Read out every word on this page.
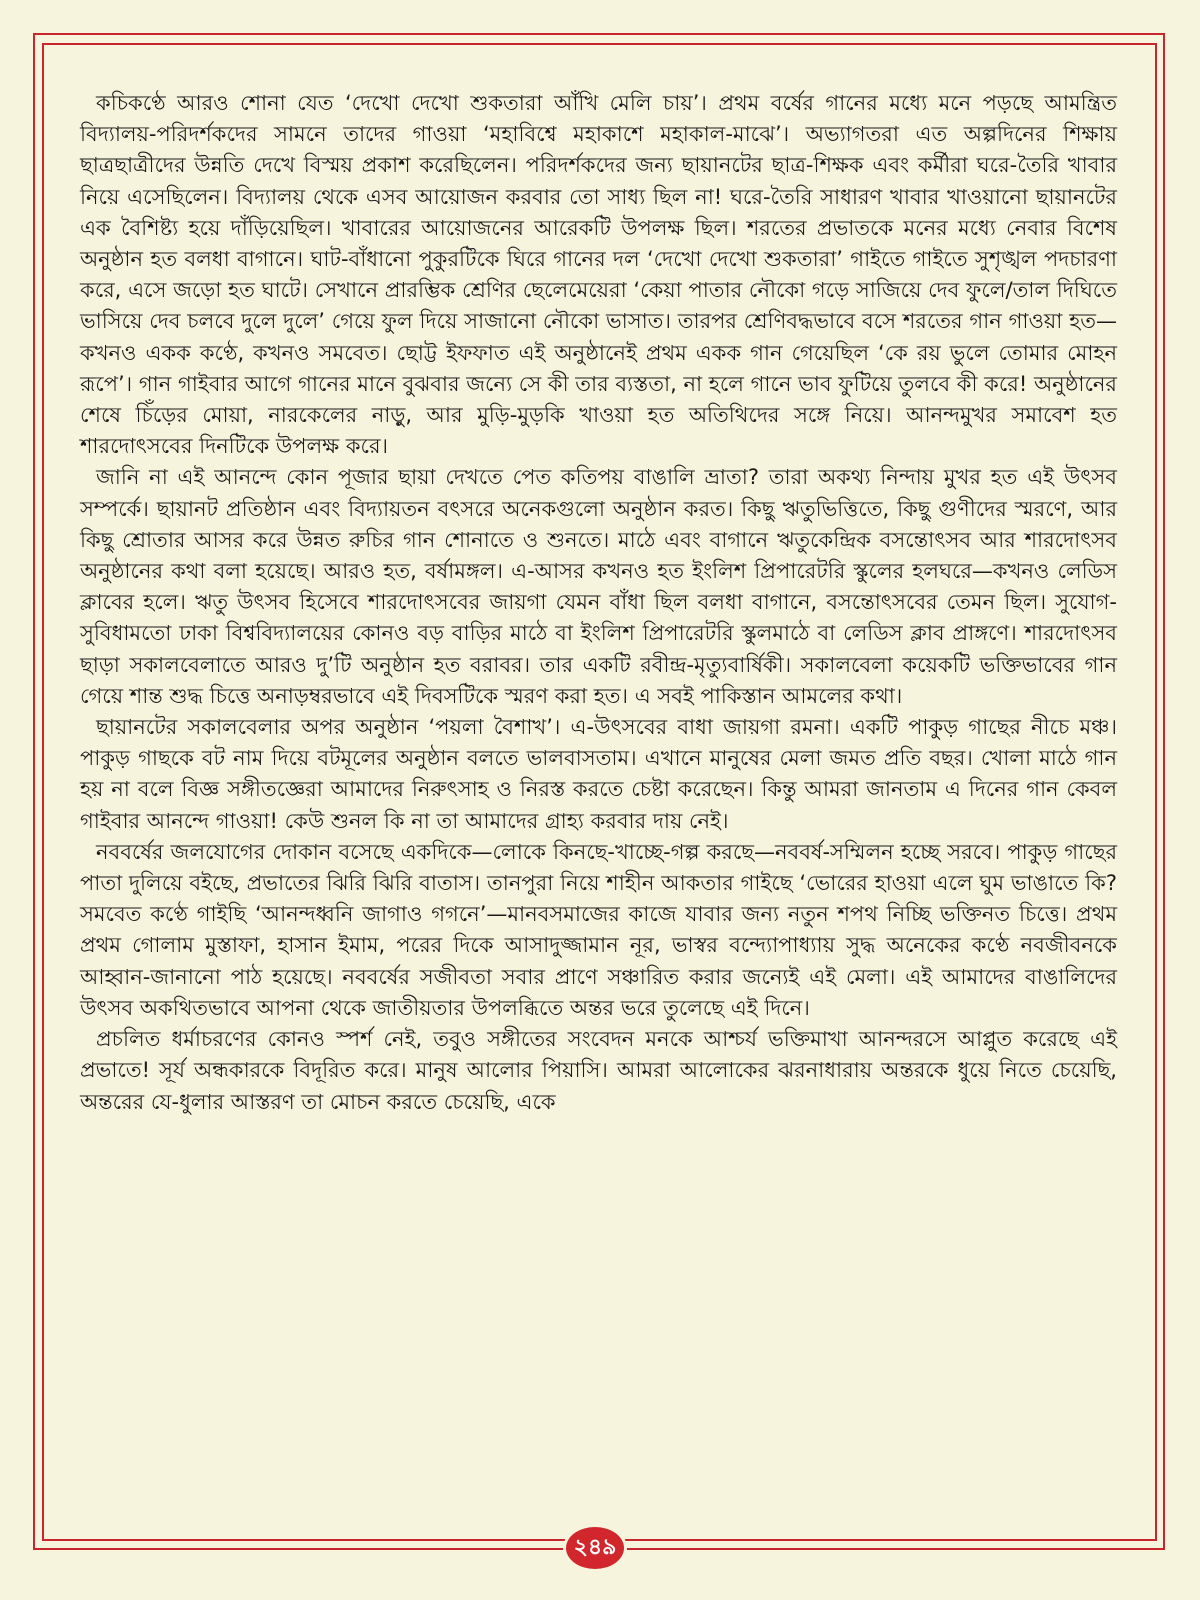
কচিকণ্ঠে আরও শোনা যেত ‘দেখো দেখো শুকতারা আঁখি মেলি চায়’। প্রথম বর্ষের গানের মধ্যে মনে পড়ছে আমন্ত্রিত বিদ্যালয়-পরিদর্শকদের সামনে তাদের গাওয়া ‘মহাবিশ্বে মহাকাশে মহাকাল-মাঝে’। অভ্যাগতরা এত অল্পদিনের শিক্ষায় ছাত্রছাত্রীদের উন্নতি দেখে বিস্ময় প্রকাশ করেছিলেন। পরিদর্শকদের জন্য ছায়ানটের ছাত্র-শিক্ষক এবং কর্মীরা ঘরে-তৈরি খাবার নিয়ে এসেছিলেন। বিদ্যালয় থেকে এসব আয়োজন করবার তো সাধ্য ছিল না! ঘরে-তৈরি সাধারণ খাবার খাওয়ানো ছায়ানটের এক বৈশিষ্ট্য হয়ে দাঁড়িয়েছিল। খাবারের আয়োজনের আরেকটি উপলক্ষ ছিল। শরতের প্রভাতকে মনের মধ্যে নেবার বিশেষ অনুষ্ঠান হত বলধা বাগানে। ঘাট-বাঁধানো পুকুরটিকে ঘিরে গানের দল ‘দেখো দেখো শুকতারা’ গাইতে গাইতে সুশৃঙ্খল পদচারণা করে, এসে জড়ো হত ঘাটে। সেখানে প্রারম্ভিক শ্রেণির ছেলেমেয়েরা ‘কেয়া পাতার নৌকো গড়ে সাজিয়ে দেব ফুলে/তাল দিঘিতে ভাসিয়ে দেব চলবে দুলে দুলে’ গেয়ে ফুল দিয়ে সাজানো নৌকো ভাসাত। তারপর শ্রেণিবদ্ধভাবে বসে শরতের গান গাওয়া হত—কখনও একক কণ্ঠে, কখনও সমবেত। ছোট্ট ইফফাত এই অনুষ্ঠানেই প্রথম একক গান গেয়েছিল ‘কে রয় ভুলে তোমার মোহন রূপে’। গান গাইবার আগে গানের মানে বুঝবার জন্যে সে কী তার ব্যস্ততা, না হলে গানে ভাব ফুটিয়ে তুলবে কী করে! অনুষ্ঠানের শেষে চিঁড়ের মোয়া, নারকেলের নাড়ু, আর মুড়ি-মুড়কি খাওয়া হত অতিথিদের সঙ্গে নিয়ে। আনন্দমুখর সমাবেশ হত শারদোৎসবের দিনটিকে উপলক্ষ করে।

জানি না এই আনন্দে কোন পূজার ছায়া দেখতে পেত কতিপয় বাঙালি ভ্রাতা? তারা অকথ্য নিন্দায় মুখর হত এই উৎসব সম্পর্কে। ছায়ানট প্রতিষ্ঠান এবং বিদ্যায়তন বৎসরে অনেকগুলো অনুষ্ঠান করত। কিছু ঋতুভিত্তিতে, কিছু গুণীদের স্মরণে, আর কিছু শ্রোতার আসর করে উন্নত রুচির গান শোনাতে ও শুনতে। মাঠে এবং বাগানে ঋতুকেন্দ্রিক বসন্তোৎসব আর শারদোৎসব অনুষ্ঠানের কথা বলা হয়েছে। আরও হত, বর্ষামঙ্গল। এ-আসর কখনও হত ইংলিশ প্রিপারেটরি স্কুলের হলঘরে—কখনও লেডিস ক্লাবের হলে। ঋতু উৎসব হিসেবে শারদোৎসবের জায়গা যেমন বাঁধা ছিল বলধা বাগানে, বসন্তোৎসবের তেমন ছিল। সুযোগ-সুবিধামতো ঢাকা বিশ্ববিদ্যালয়ের কোনও বড় বাড়ির মাঠে বা ইংলিশ প্রিপারেটরি স্কুলমাঠে বা লেডিস ক্লাব প্রাঙ্গণে। শারদোৎসব ছাড়া সকালবেলাতে আরও দু’টি অনুষ্ঠান হত বরাবর। তার একটি রবীন্দ্র-মৃত্যুবার্ষিকী। সকালবেলা কয়েকটি ভক্তিভাবের গান গেয়ে শান্ত শুদ্ধ চিত্তে অনাড়ম্বরভাবে এই দিবসটিকে স্মরণ করা হত। এ সবই পাকিস্তান আমলের কথা।

ছায়ানটের সকালবেলার অপর অনুষ্ঠান ‘পয়লা বৈশাখ’। এ-উৎসবের বাধা জায়গা রমনা। একটি পাকুড় গাছের নীচে মঞ্চ। পাকুড় গাছকে বট নাম দিয়ে বটমূলের অনুষ্ঠান বলতে ভালবাসতাম। এখানে মানুষের মেলা জমত প্রতি বছর। খোলা মাঠে গান হয় না বলে বিজ্ঞ সঙ্গীতজ্ঞেরা আমাদের নিরুৎসাহ ও নিরস্ত করতে চেষ্টা করেছেন। কিন্তু আমরা জানতাম এ দিনের গান কেবল গাইবার আনন্দে গাওয়া! কেউ শুনল কি না তা আমাদের গ্রাহ্য করবার দায় নেই।

নববর্ষের জলযোগের দোকান বসেছে একদিকে—লোকে কিনছে-খাচ্ছে-গল্প করছে—নববর্ষ-সম্মিলন হচ্ছে সরবে। পাকুড় গাছের পাতা দুলিয়ে বইছে, প্রভাতের ঝিরি ঝিরি বাতাস। তানপুরা নিয়ে শাহীন আকতার গাইছে ‘ভোরের হাওয়া এলে ঘুম ভাঙাতে কি? সমবেত কণ্ঠে গাইছি ‘আনন্দধ্বনি জাগাও গগনে’—মানবসমাজের কাজে যাবার জন্য নতুন শপথ নিচ্ছি ভক্তিনত চিত্তে। প্রথম প্রথম গোলাম মুস্তাফা, হাসান ইমাম, পরের দিকে আসাদুজ্জামান নূর, ভাস্বর বন্দ্যোপাধ্যায় সুদ্ধ অনেকের কণ্ঠে নবজীবনকে আহ্বান-জানানো পাঠ হয়েছে। নববর্ষের সজীবতা সবার প্রাণে সঞ্চারিত করার জন্যেই এই মেলা। এই আমাদের বাঙালিদের উৎসব অকথিতভাবে আপনা থেকে জাতীয়তার উপলব্ধিতে অন্তর ভরে তুলেছে এই দিনে।

প্রচলিত ধর্মাচরণের কোনও স্পর্শ নেই, তবুও সঙ্গীতের সংবেদন মনকে আশ্চর্য ভক্তিমাখা আনন্দরসে আপ্লুত করেছে এই প্রভাতে! সূর্য অন্ধকারকে বিদূরিত করে। মানুষ আলোর পিয়াসি। আমরা আলোকের ঝরনাধারায় অন্তরকে ধুয়ে নিতে চেয়েছি, অন্তরের যে-ধুলার আস্তরণ তা মোচন করতে চেয়েছি, একে

২৪৯
